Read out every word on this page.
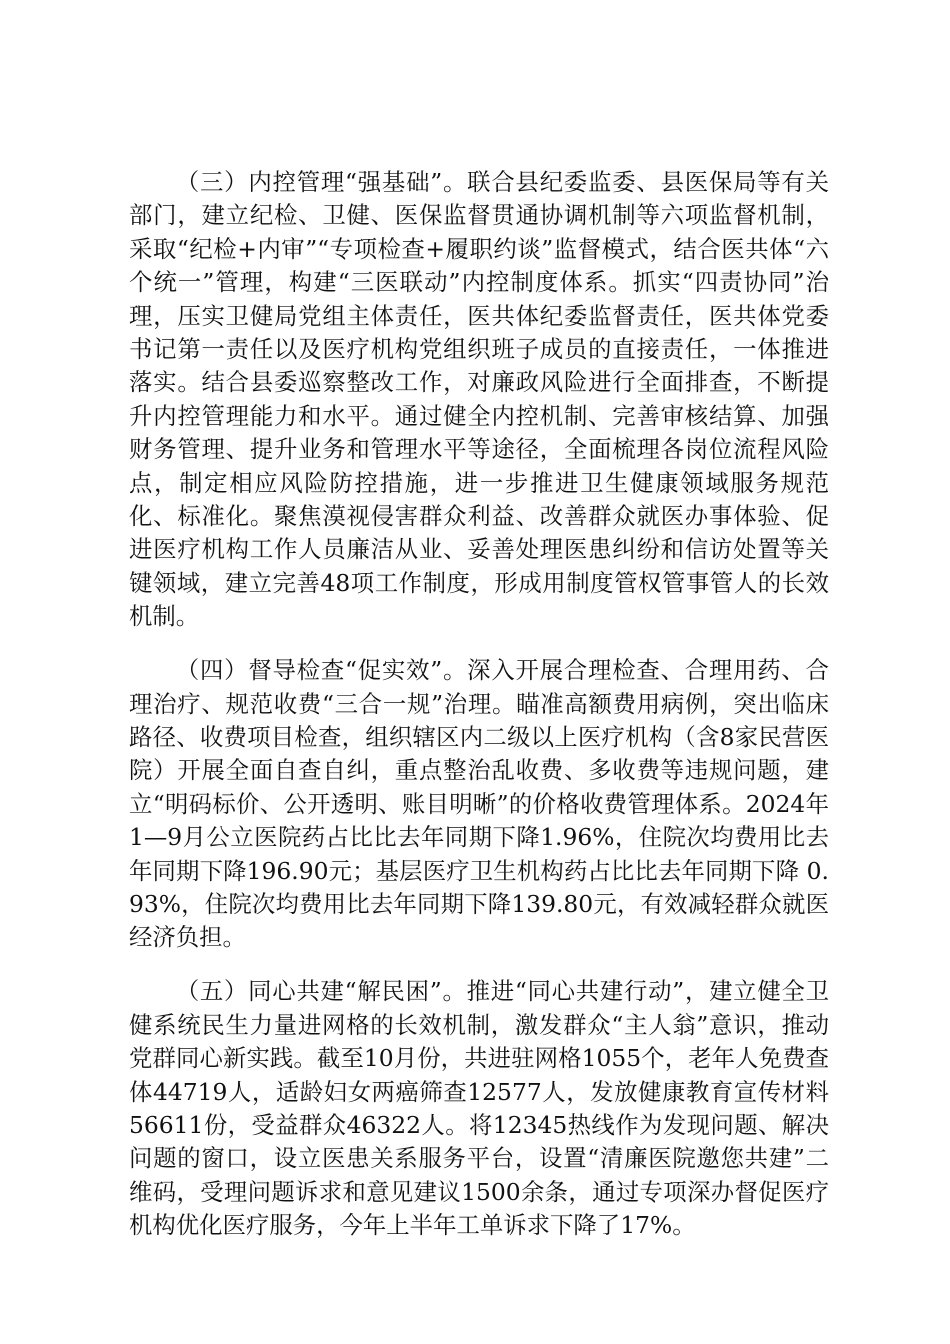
（三）内控管理“强基础”。联合县纪委监委、县医保局等有关部门，建立纪检、卫健、医保监督贯通协调机制等六项监督机制，采取“纪检+内审”“专项检查+履职约谈”监督模式，结合医共体“六个统一”管理，构建“三医联动”内控制度体系。抓实“四责协同”治理，压实卫健局党组主体责任，医共体纪委监督责任，医共体党委书记第一责任以及医疗机构党组织班子成员的直接责任，一体推进落实。结合县委巡察整改工作，对廉政风险进行全面排查，不断提升内控管理能力和水平。通过健全内控机制、完善审核结算、加强财务管理、提升业务和管理水平等途径，全面梳理各岗位流程风险点，制定相应风险防控措施，进一步推进卫生健康领域服务规范化、标准化。聚焦漠视侵害群众利益、改善群众就医办事体验、促进医疗机构工作人员廉洁从业、妥善处理医患纠纷和信访处置等关键领域，建立完善48项工作制度，形成用制度管权管事管人的长效机制。

（四）督导检查“促实效”。深入开展合理检查、合理用药、合理治疗、规范收费“三合一规”治理。瞄准高额费用病例，突出临床路径、收费项目检查，组织辖区内二级以上医疗机构（含8家民营医院）开展全面自查自纠，重点整治乱收费、多收费等违规问题，建立“明码标价、公开透明、账目明晰”的价格收费管理体系。2024年1—9月公立医院药占比比去年同期下降1.96%，住院次均费用比去年同期下降196.90元；基层医疗卫生机构药占比比去年同期下降 0.93%，住院次均费用比去年同期下降139.80元，有效减轻群众就医经济负担。

（五）同心共建“解民困”。推进“同心共建行动”，建立健全卫健系统民生力量进网格的长效机制，激发群众“主人翁”意识，推动党群同心新实践。截至10月份，共进驻网格1055个，老年人免费查体44719人，适龄妇女两癌筛查12577人，发放健康教育宣传材料56611份，受益群众46322人。将12345热线作为发现问题、解决问题的窗口，设立医患关系服务平台，设置“清廉医院邀您共建”二维码，受理问题诉求和意见建议1500余条，通过专项深办督促医疗机构优化医疗服务，今年上半年工单诉求下降了17%。
